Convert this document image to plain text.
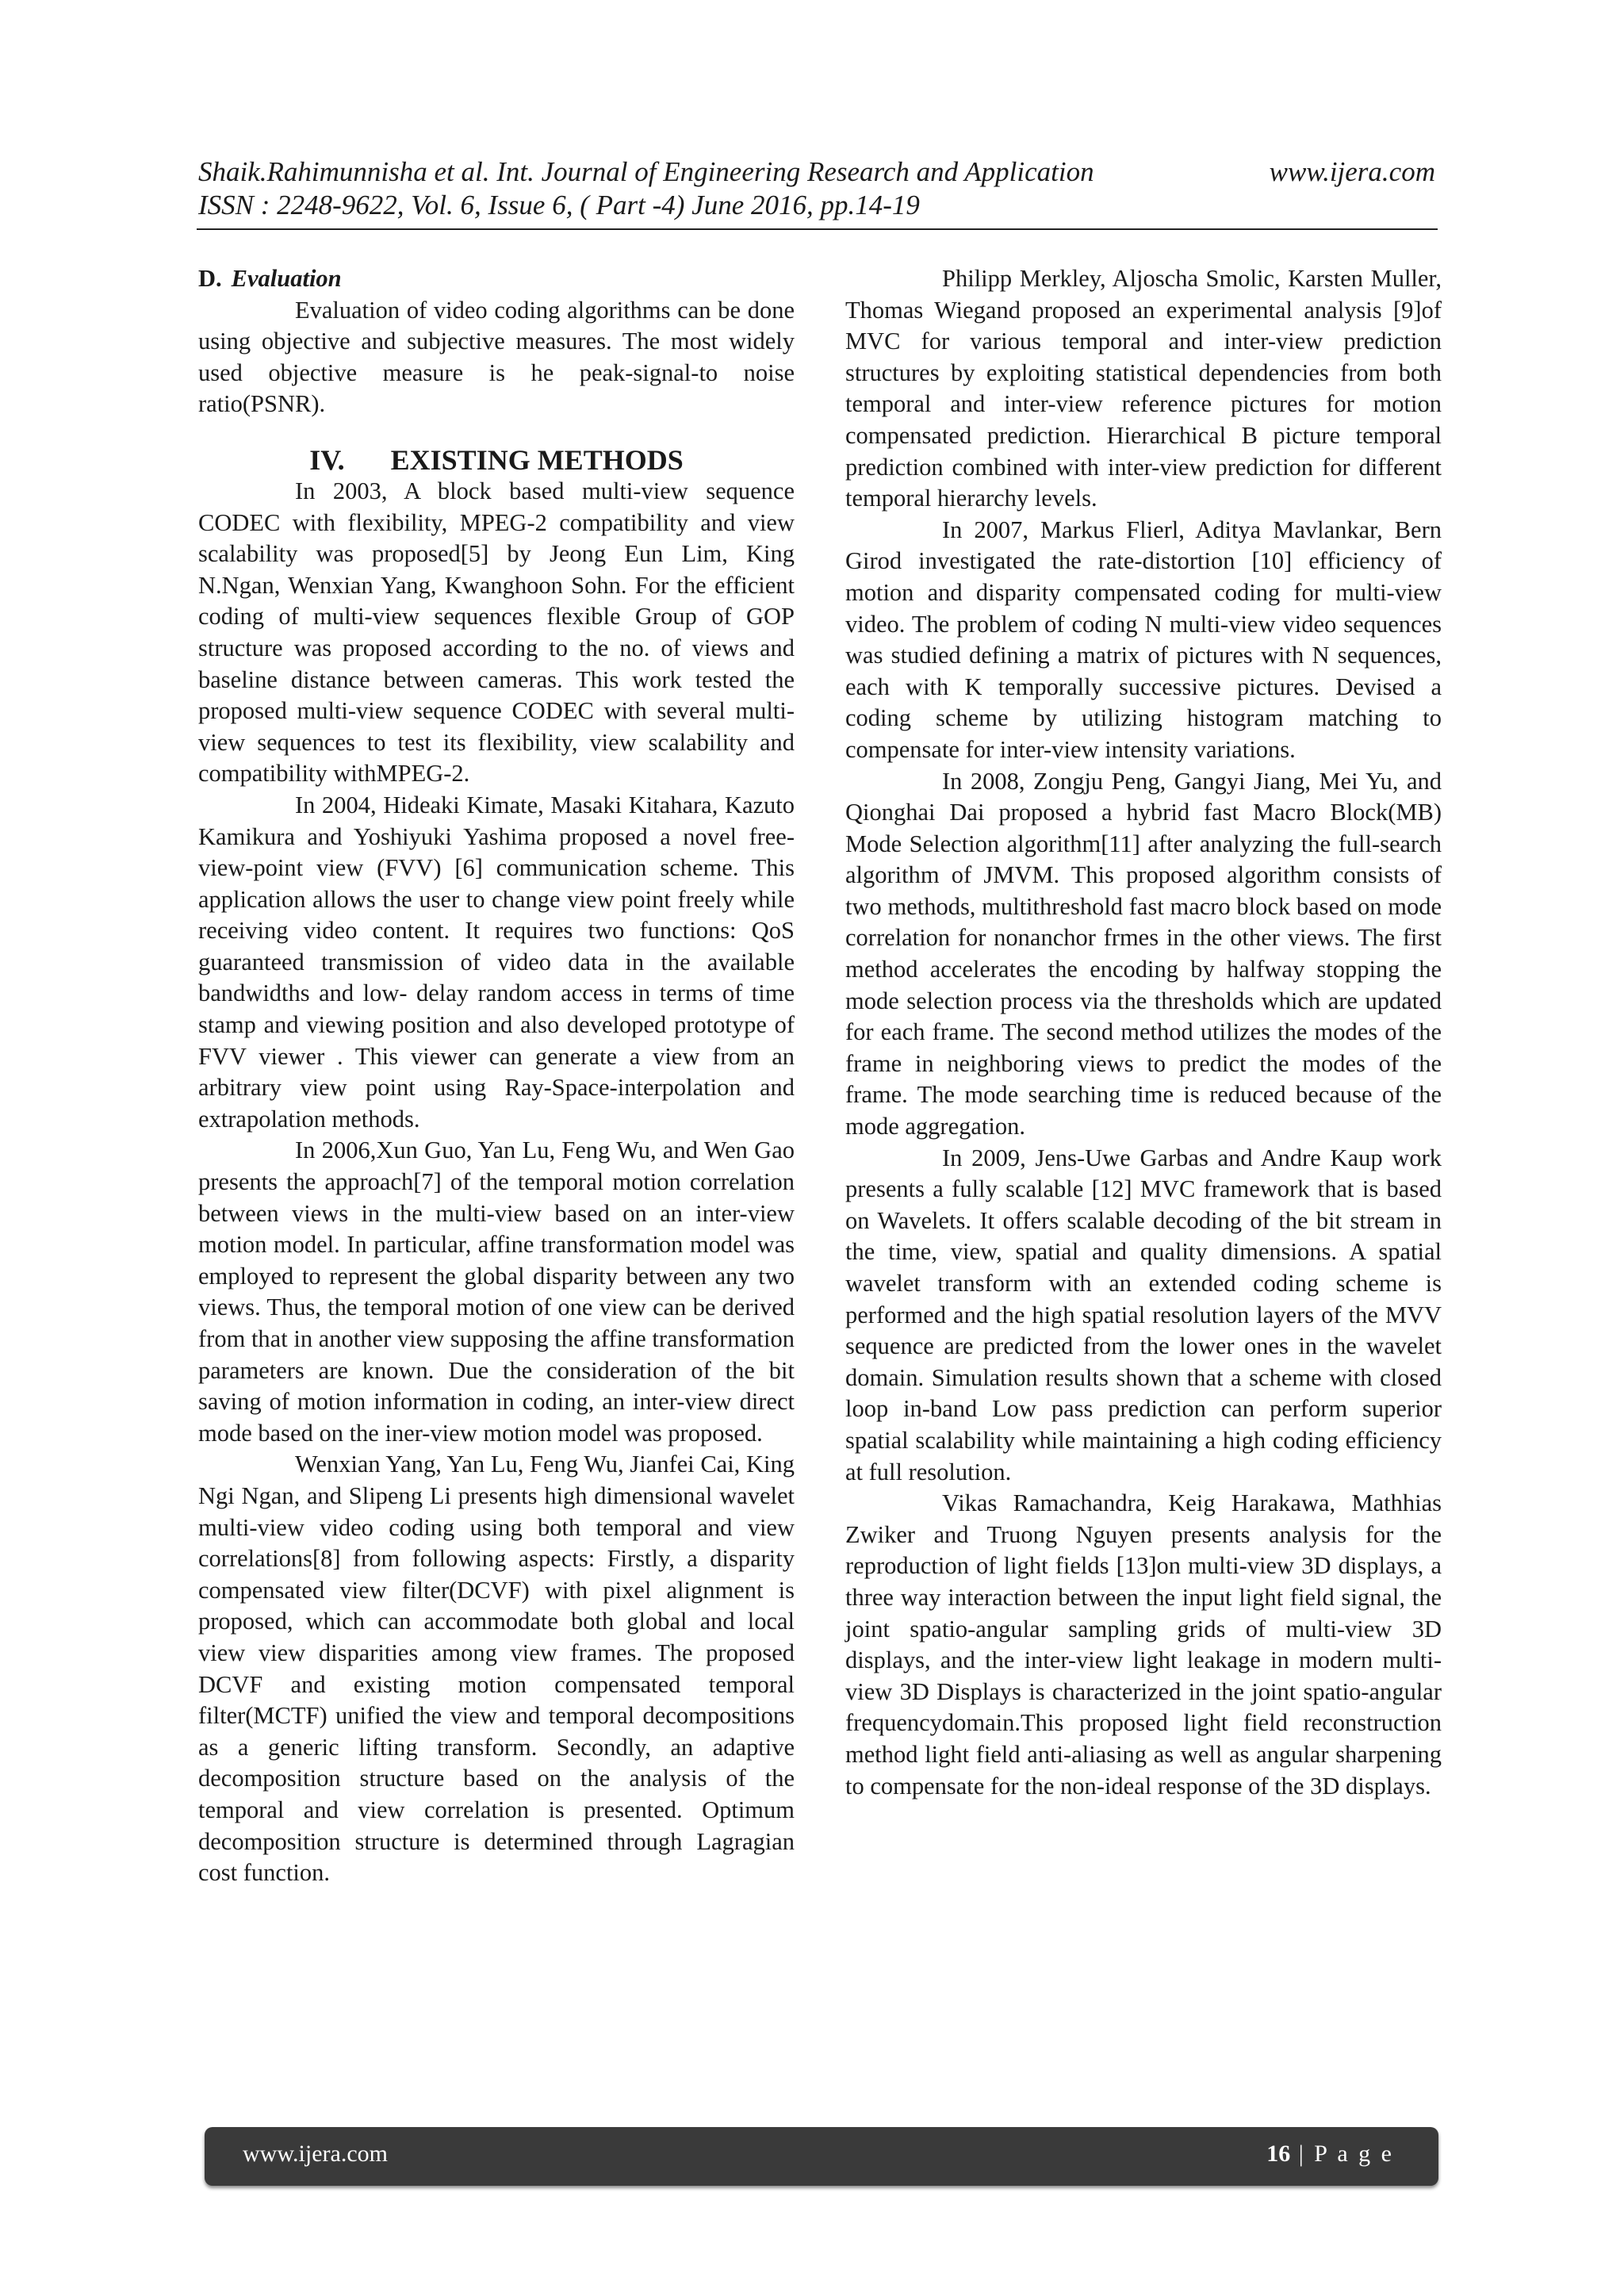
Shaik.Rahimunnisha et al. Int. Journal of Engineering Research and Application	www.ijera.com
ISSN : 2248-9622, Vol. 6, Issue 6, ( Part -4) June 2016, pp.14-19
D. Evaluation

Evaluation of video coding algorithms can be done using objective and subjective measures. The most widely used objective measure is he peak-signal-to noise ratio(PSNR).

IV. EXISTING METHODS

In 2003, A block based multi-view sequence CODEC with flexibility, MPEG-2 compatibility and view scalability was proposed[5] by Jeong Eun Lim, King N.Ngan, Wenxian Yang, Kwanghoon Sohn. For the efficient coding of multi-view sequences flexible Group of GOP structure was proposed according to the no. of views and baseline distance between cameras. This work tested the proposed multi-view sequence CODEC with several multi-view sequences to test its flexibility, view scalability and compatibility withMPEG-2.

In 2004, Hideaki Kimate, Masaki Kitahara, Kazuto Kamikura and Yoshiyuki Yashima proposed a novel free-view-point view (FVV) [6] communication scheme. This application allows the user to change view point freely while receiving video content. It requires two functions: QoS guaranteed transmission of video data in the available bandwidths and low- delay random access in terms of time stamp and viewing position and also developed prototype of FVV viewer . This viewer can generate a view from an arbitrary view point using Ray-Space-interpolation and extrapolation methods.

In 2006,Xun Guo, Yan Lu, Feng Wu, and Wen Gao presents the approach[7] of the temporal motion correlation between views in the multi-view based on an inter-view motion model. In particular, affine transformation model was employed to represent the global disparity between any two views. Thus, the temporal motion of one view can be derived from that in another view supposing the affine transformation parameters are known. Due the consideration of the bit saving of motion information in coding, an inter-view direct mode based on the iner-view motion model was proposed.

Wenxian Yang, Yan Lu, Feng Wu, Jianfei Cai, King Ngi Ngan, and Slipeng Li presents high dimensional wavelet multi-view video coding using both temporal and view correlations[8] from following aspects: Firstly, a disparity compensated view filter(DCVF) with pixel alignment is proposed, which can accommodate both global and local view view disparities among view frames. The proposed DCVF and existing motion compensated temporal filter(MCTF) unified the view and temporal decompositions as a generic lifting transform. Secondly, an adaptive decomposition structure based on the analysis of the temporal and view correlation is presented. Optimum decomposition structure is determined through Lagragian cost function.

Philipp Merkley, Aljoscha Smolic, Karsten Muller, Thomas Wiegand proposed an experimental analysis [9]of MVC for various temporal and inter-view prediction structures by exploiting statistical dependencies from both temporal and inter-view reference pictures for motion compensated prediction. Hierarchical B picture temporal prediction combined with inter-view prediction for different temporal hierarchy levels.

In 2007, Markus Flierl, Aditya Mavlankar, Bern Girod investigated the rate-distortion [10] efficiency of motion and disparity compensated coding for multi-view video. The problem of coding N multi-view video sequences was studied defining a matrix of pictures with N sequences, each with K temporally successive pictures. Devised a coding scheme by utilizing histogram matching to compensate for inter-view intensity variations.

In 2008, Zongju Peng, Gangyi Jiang, Mei Yu, and Qionghai Dai proposed a hybrid fast Macro Block(MB) Mode Selection algorithm[11] after analyzing the full-search algorithm of JMVM. This proposed algorithm consists of two methods, multithreshold fast macro block based on mode correlation for nonanchor frmes in the other views. The first method accelerates the encoding by halfway stopping the mode selection process via the thresholds which are updated for each frame. The second method utilizes the modes of the frame in neighboring views to predict the modes of the frame. The mode searching time is reduced because of the mode aggregation.

In 2009, Jens-Uwe Garbas and Andre Kaup work presents a fully scalable [12] MVC framework that is based on Wavelets. It offers scalable decoding of the bit stream in the time, view, spatial and quality dimensions. A spatial wavelet transform with an extended coding scheme is performed and the high spatial resolution layers of the MVV sequence are predicted from the lower ones in the wavelet domain. Simulation results shown that a scheme with closed loop in-band Low pass prediction can perform superior spatial scalability while maintaining a high coding efficiency at full resolution.

Vikas Ramachandra, Keig Harakawa, Mathhias Zwiker and Truong Nguyen presents analysis for the reproduction of light fields [13]on multi-view 3D displays, a three way interaction between the input light field signal, the joint spatio-angular sampling grids of multi-view 3D displays, and the inter-view light leakage in modern multi-view 3D Displays is characterized in the joint spatio-angular frequencydomain.This proposed light field reconstruction method light field anti-aliasing as well as angular sharpening to compensate for the non-ideal response of the 3D displays.

www.ijera.com	16 | P a g e
